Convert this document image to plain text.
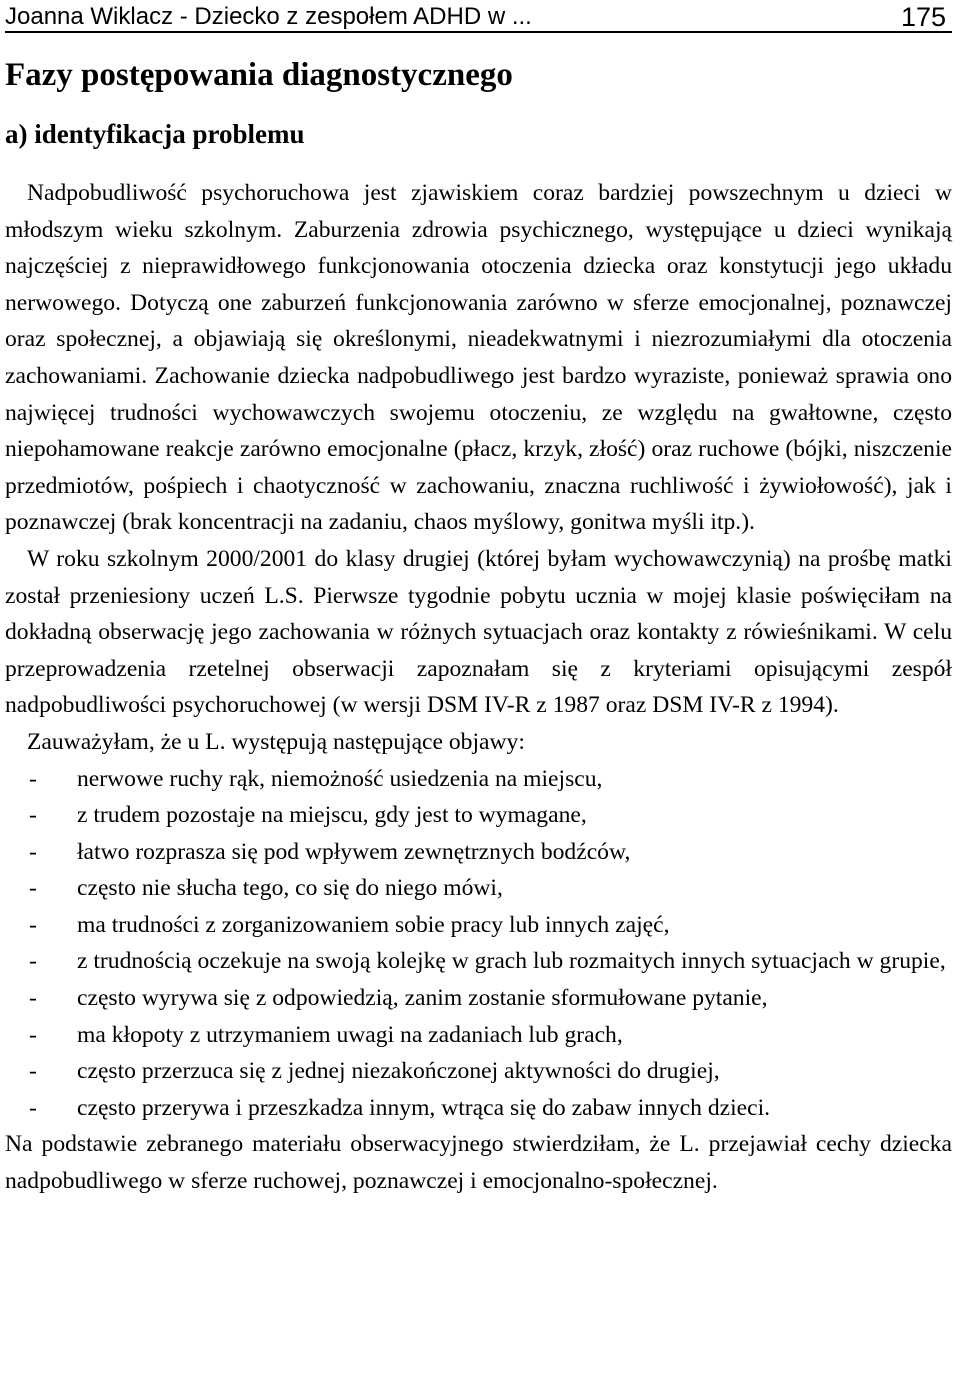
Joanna Wiklacz - Dziecko z zespołem ADHD w ...	175
Fazy postępowania diagnostycznego
a) identyfikacja problemu

Nadpobudliwość psychoruchowa jest zjawiskiem coraz bardziej powszechnym u dzieci w młodszym wieku szkolnym. Zaburzenia zdrowia psychicznego, występujące u dzieci wynikają najczęściej z nieprawidłowego funkcjonowania otoczenia dziecka oraz konstytucji jego układu nerwowego. Dotyczą one zaburzeń funkcjonowania zarówno w sferze emocjonalnej, poznawczej oraz społecznej, a objawiają się określonymi, nieadekwatnymi i niezrozumiałymi dla otoczenia zachowaniami. Zachowanie dziecka nadpobudliwego jest bardzo wyraziste, ponieważ sprawia ono najwięcej trudności wychowawczych swojemu otoczeniu, ze względu na gwałtowne, często niepohamowane reakcje zarówno emocjonalne (płacz, krzyk, złość) oraz ruchowe (bójki, niszczenie przedmiotów, pośpiech i chaotyczność w zachowaniu, znaczna ruchliwość i żywiołowość), jak i poznawczej (brak koncentracji na zadaniu, chaos myślowy, gonitwa myśli itp.).

W roku szkolnym 2000/2001 do klasy drugiej (której byłam wychowawczynią) na prośbę matki został przeniesiony uczeń L.S. Pierwsze tygodnie pobytu ucznia w mojej klasie poświęciłam na dokładną obserwację jego zachowania w różnych sytuacjach oraz kontakty z rówieśnikami. W celu przeprowadzenia rzetelnej obserwacji zapoznałam się z kryteriami opisującymi zespół nadpobudliwości psychoruchowej (w wersji DSM IV-R z 1987 oraz DSM IV-R z 1994).

Zauważyłam, że u L. występują następujące objawy:

- nerwowe ruchy rąk, niemożność usiedzenia na miejscu,
- z trudem pozostaje na miejscu, gdy jest to wymagane,
- łatwo rozprasza się pod wpływem zewnętrznych bodźców,
- często nie słucha tego, co się do niego mówi,
- ma trudności z zorganizowaniem sobie pracy lub innych zajęć,
- z trudnością oczekuje na swoją kolejkę w grach lub rozmaitych innych sytuacjach w grupie,
- często wyrywa się z odpowiedzią, zanim zostanie sformułowane pytanie,
- ma kłopoty z utrzymaniem uwagi na zadaniach lub grach,
- często przerzuca się z jednej niezakończonej aktywności do drugiej,
- często przerywa i przeszkadza innym, wtrąca się do zabaw innych dzieci.

Na podstawie zebranego materiału obserwacyjnego stwierdziłam, że L. przejawiał cechy dziecka nadpobudliwego w sferze ruchowej, poznawczej i emocjonalno-społecznej.
